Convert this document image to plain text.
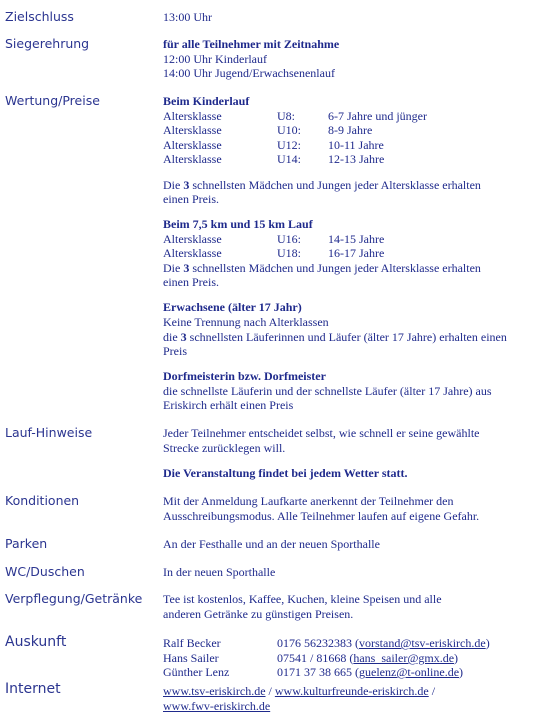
Zielschluss	13:00 Uhr
Siegerehrung	für alle Teilnehmer mit Zeitnahme
12:00 Uhr Kinderlauf
14:00 Uhr Jugend/Erwachsenenlauf
Wertung/Preise	Beim Kinderlauf
Altersklasse	U8:	6-7 Jahre und jünger
Altersklasse	U10: 8-9 Jahre
Altersklasse	U12: 10-11 Jahre
Altersklasse	U14: 12-13 Jahre
Die 3 schnellsten Mädchen und Jungen jeder Altersklasse erhalten
einen Preis.
Beim 7,5 km und 15 km Lauf
Altersklasse	U16: 14-15 Jahre
Altersklasse	U18: 16-17 Jahre
Die 3 schnellsten Mädchen und Jungen jeder Altersklasse erhalten
einen Preis.
Erwachsene (älter 17 Jahr)
Keine Trennung nach Alterklassen
die 3 schnellsten Läuferinnen und Läufer (älter 17 Jahre) erhalten einen
Preis
Dorfmeisterin bzw. Dorfmeister
die schnellste Läuferin und der schnellste Läufer (älter 17 Jahre) aus
Eriskirch erhält einen Preis
Lauf-Hinweise	Jeder Teilnehmer entscheidet selbst, wie schnell er seine gewählte
Strecke zurücklegen will.
Die Veranstaltung findet bei jedem Wetter statt.
Konditionen	Mit der Anmeldung Laufkarte anerkennt der Teilnehmer den
Ausschreibungsmodus. Alle Teilnehmer laufen auf eigene Gefahr.
Parken	An der Festhalle und an der neuen Sporthalle
WC/Duschen	In der neuen Sporthalle
Verpflegung/Getränke Tee ist kostenlos, Kaffee, Kuchen, kleine Speisen und alle
anderen Getränke zu günstigen Preisen.
Auskunft	Ralf Becker	0176 56232383 (vorstand@tsv-eriskirch.de)
Hans Sailer	07541 / 81668 (hans_sailer@gmx.de)
Günther Lenz	0171 37 38 665 (guelenz@t-online.de)
Internet	www.tsv-eriskirch.de / www.kulturfreunde-eriskirch.de /
www.fwv-eriskirch.de
